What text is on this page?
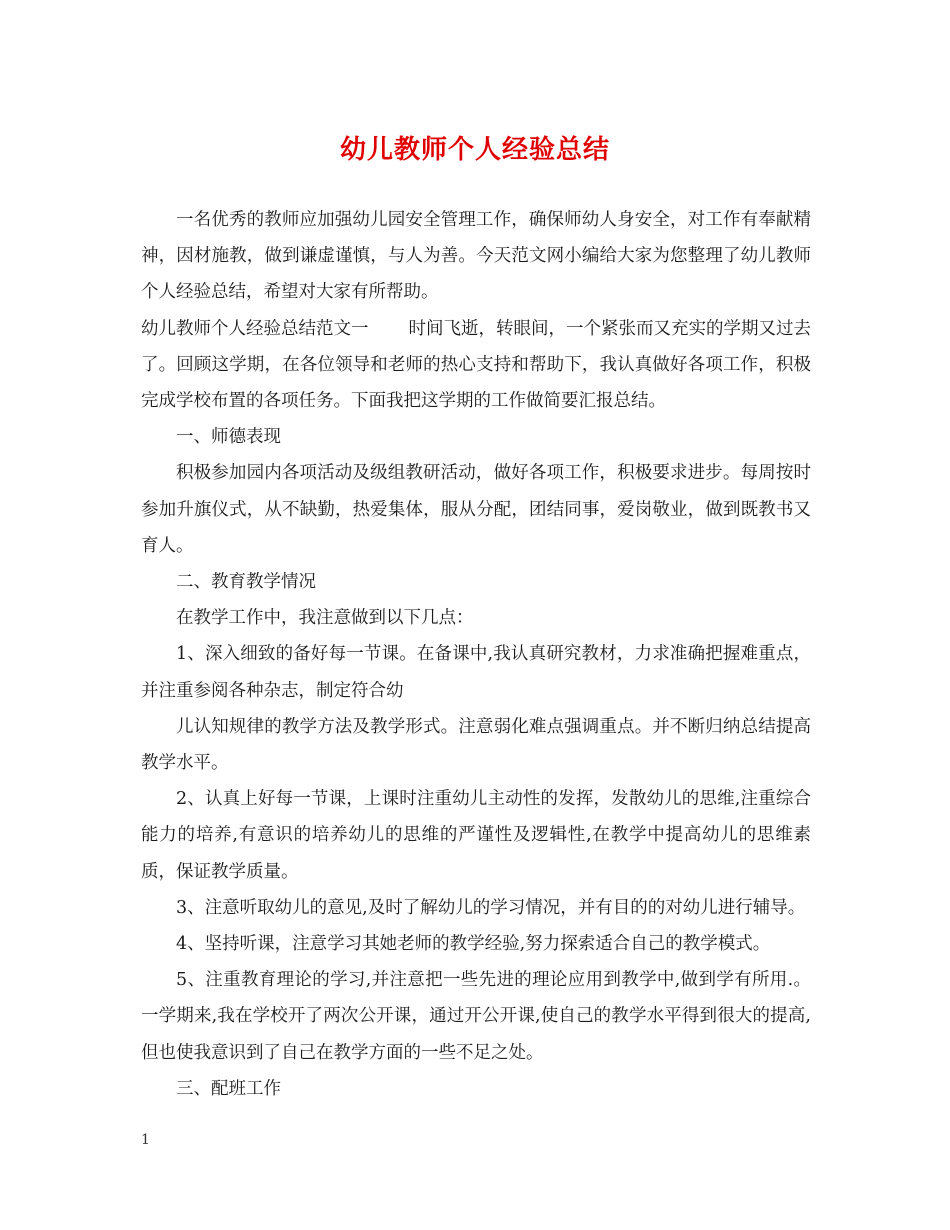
幼儿教师个人经验总结

一名优秀的教师应加强幼儿园安全管理工作，确保师幼人身安全，对工作有奉献精神，因材施教，做到谦虚谨慎，与人为善。今天范文网小编给大家为您整理了幼儿教师个人经验总结，希望对大家有所帮助。

幼儿教师个人经验总结范文一 时间飞逝，转眼间，一个紧张而又充实的学期又过去了。回顾这学期，在各位领导和老师的热心支持和帮助下，我认真做好各项工作，积极完成学校布置的各项任务。下面我把这学期的工作做简要汇报总结。

一、师德表现

积极参加园内各项活动及级组教研活动，做好各项工作，积极要求进步。每周按时参加升旗仪式，从不缺勤，热爱集体，服从分配，团结同事，爱岗敬业，做到既教书又育人。

二、教育教学情况

在教学工作中，我注意做到以下几点：

1、深入细致的备好每一节课。在备课中,我认真研究教材，力求准确把握难重点，并注重参阅各种杂志，制定符合幼

儿认知规律的教学方法及教学形式。注意弱化难点强调重点。并不断归纳总结提高教学水平。

2、认真上好每一节课，上课时注重幼儿主动性的发挥，发散幼儿的思维,注重综合能力的培养,有意识的培养幼儿的思维的严谨性及逻辑性,在教学中提高幼儿的思维素质，保证教学质量。

3、注意听取幼儿的意见,及时了解幼儿的学习情况，并有目的的对幼儿进行辅导。

4、坚持听课，注意学习其她老师的教学经验,努力探索适合自己的教学模式。

5、注重教育理论的学习,并注意把一些先进的理论应用到教学中,做到学有所用.。一学期来,我在学校开了两次公开课，通过开公开课,使自己的教学水平得到很大的提高,但也使我意识到了自己在教学方面的一些不足之处。

三、配班工作

1
